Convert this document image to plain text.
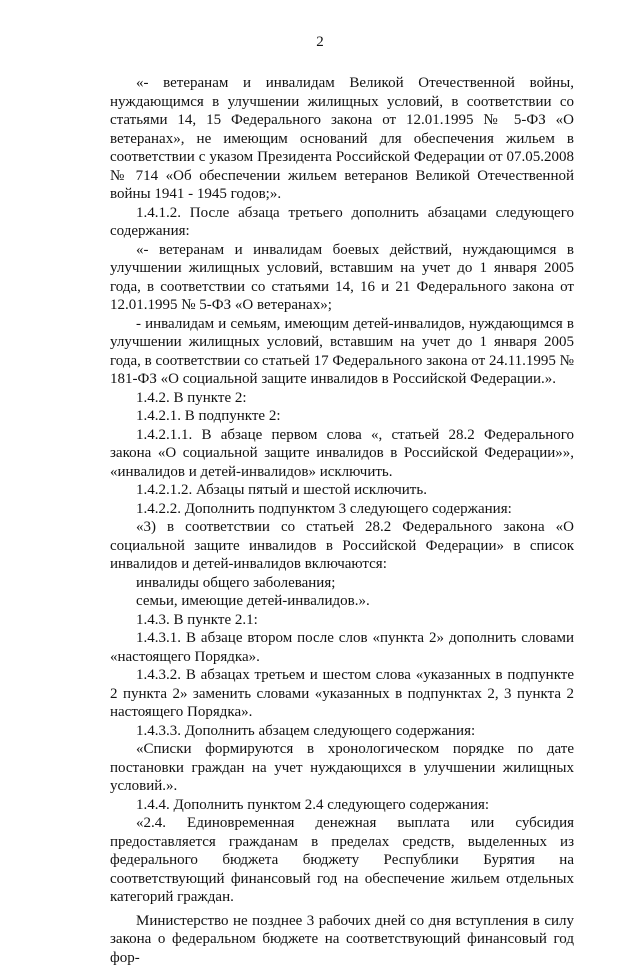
2

«- ветеранам и инвалидам Великой Отечественной войны, нуждающимся в улучшении жилищных условий, в соответствии со статьями 14, 15 Федерального закона от 12.01.1995 № 5-ФЗ «О ветеранах», не имеющим оснований для обеспечения жильем в соответствии с указом Президента Российской Федерации от 07.05.2008 № 714 «Об обеспечении жильем ветеранов Великой Отечественной войны 1941 - 1945 годов;».

1.4.1.2. После абзаца третьего дополнить абзацами следующего содержания:

«- ветеранам и инвалидам боевых действий, нуждающимся в улучшении жилищных условий, вставшим на учет до 1 января 2005 года, в соответствии со статьями 14, 16 и 21 Федерального закона от 12.01.1995 № 5-ФЗ «О ветеранах»;

- инвалидам и семьям, имеющим детей-инвалидов, нуждающимся в улучшении жилищных условий, вставшим на учет до 1 января 2005 года, в соответствии со статьей 17 Федерального закона от 24.11.1995 № 181-ФЗ «О социальной защите инвалидов в Российской Федерации.».

1.4.2. В пункте 2:

1.4.2.1. В подпункте 2:

1.4.2.1.1. В абзаце первом слова «, статьей 28.2 Федерального закона «О социальной защите инвалидов в Российской Федерации»», «инвалидов и детей-инвалидов» исключить.

1.4.2.1.2. Абзацы пятый и шестой исключить.

1.4.2.2. Дополнить подпунктом 3 следующего содержания:

«3) в соответствии со статьей 28.2 Федерального закона «О социальной защите инвалидов в Российской Федерации» в список инвалидов и детей-инвалидов включаются:

инвалиды общего заболевания;

семьи, имеющие детей-инвалидов.».

1.4.3. В пункте 2.1:

1.4.3.1. В абзаце втором после слов «пункта 2» дополнить словами «настоящего Порядка».

1.4.3.2. В абзацах третьем и шестом слова «указанных в подпункте 2 пункта 2» заменить словами «указанных в подпунктах 2, 3 пункта 2 настоящего Порядка».

1.4.3.3. Дополнить абзацем следующего содержания:

«Списки формируются в хронологическом порядке по дате постановки граждан на учет нуждающихся в улучшении жилищных условий.».

1.4.4. Дополнить пунктом 2.4 следующего содержания:

«2.4. Единовременная денежная выплата или субсидия предоставляется гражданам в пределах средств, выделенных из федерального бюджета бюджету Республики Бурятия на соответствующий финансовый год на обеспечение жильем отдельных категорий граждан.

Министерство не позднее 3 рабочих дней со дня вступления в силу закона о федеральном бюджете на соответствующий финансовый год фор-
